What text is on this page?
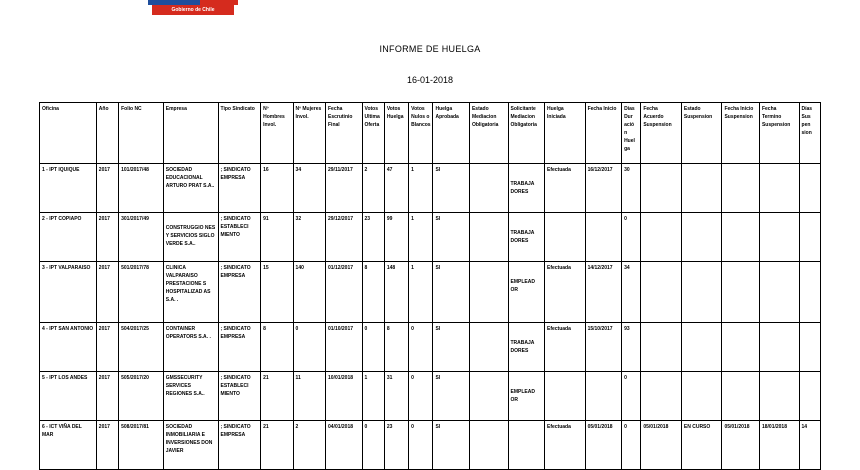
Gobierno de Chile
INFORME DE HUELGA
16-01-2018
Oficina	Año	Folio NC	Empresa	Tipo Sindicato	Nº Hombres Invol.	Nº Mujeres Invol.	Fecha Escrutinio Final	Votos Ultima Oferta	Votos Huelga	Votos Nulos o Blancos	Huelga Aprobada	Estado Mediacion Obligatoria	Solicitante Mediacion Obligatoria	Huelga Iniciada	Fecha Inicio	Días Dur ació n Huel ga	Fecha Acuerdo Suspension	Estado Suspension	Fecha Inicio Suspension	Fecha Termino Suspension	Días Sus pen sion
1 - IPT IQUIQUE	2017	101/2017/48	SOCIEDAD EDUCACIONAL ARTURO PRAT S.A..	; SINDICATO EMPRESA	16	34	29/11/2017	2	47	1	SI		TRABAJA DORES	Efectuada	16/12/2017	30					
2 - IPT COPIAPO	2017	301/2017/49	CONSTRUGGIO NES Y SERVICIOS SIGLO VERDE S.A..	; SINDICATO ESTABLECI MIENTO	91	32	29/12/2017	23	99	1	SI		TRABAJA DORES			0					
3 - IPT VALPARAISO	2017	501/2017/78	CLINICA VALPARAISO PRESTACIONE S HOSPITALIZAD AS S.A. .	; SINDICATO EMPRESA	15	140	01/12/2017	8	148	1	SI		EMPLEAD OR	Efectuada	14/12/2017	34					
4 - IPT SAN ANTONIO	2017	504/2017/25	CONTAINER OPERATORS S.A. .	; SINDICATO EMPRESA	8	0	01/10/2017	0	8	0	SI		TRABAJA DORES	Efectuada	15/10/2017	93					
5 - IPT LOS ANDES	2017	505/2017/20	GMSSECURITY SERVICES REGIONES S.A..	; SINDICATO ESTABLECI MIENTO	21	11	10/01/2018	1	31	0	SI		EMPLEAD OR			0					
6 - ICT VIÑA DEL MAR	2017	508/2017/81	SOCIEDAD INMOBILIARIA E INVERSIONES DON JAVIER	; SINDICATO EMPRESA	21	2	04/01/2018	0	23	0	SI			Efectuada	05/01/2018	0	05/01/2018	EN CURSO	05/01/2018	18/01/2018	14
